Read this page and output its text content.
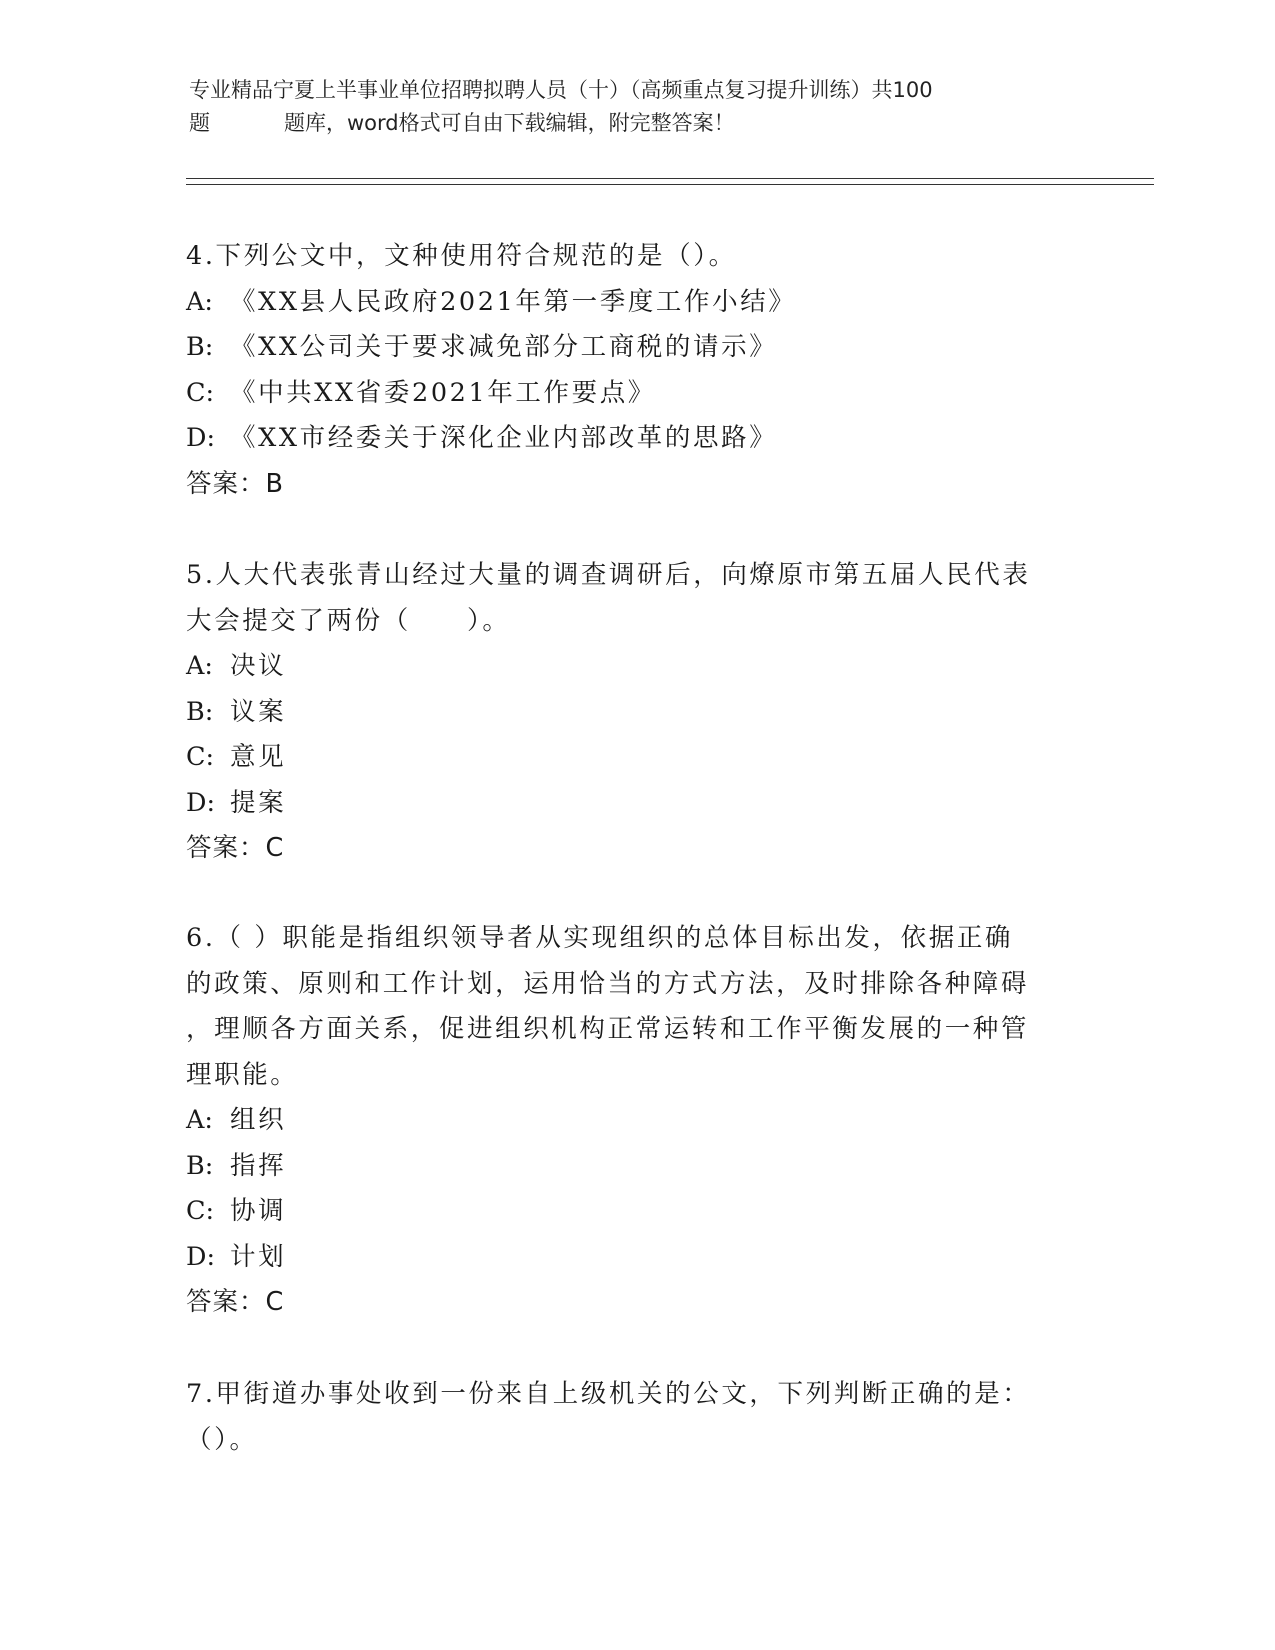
专业精品宁夏上半事业单位招聘拟聘人员（十）（高频重点复习提升训练）共100
题	题库，word格式可自由下载编辑，附完整答案！
4.下列公文中，文种使用符合规范的是（）。
A: 《XX县人民政府2021年第一季度工作小结》
B: 《XX公司关于要求减免部分工商税的请示》
C: 《中共XX省委2021年工作要点》
D: 《XX市经委关于深化企业内部改革的思路》
答案：B
5.人大代表张青山经过大量的调查调研后，向燎原市第五届人民代表
大会提交了两份（　　）。
A: 决议
B: 议案
C: 意见
D: 提案
答案：C
6.（ ）职能是指组织领导者从实现组织的总体目标出发，依据正确
的政策、原则和工作计划，运用恰当的方式方法，及时排除各种障碍
，理顺各方面关系，促进组织机构正常运转和工作平衡发展的一种管
理职能。
A: 组织
B: 指挥
C: 协调
D: 计划
答案：C
7.甲街道办事处收到一份来自上级机关的公文，下列判断正确的是：
（）。
